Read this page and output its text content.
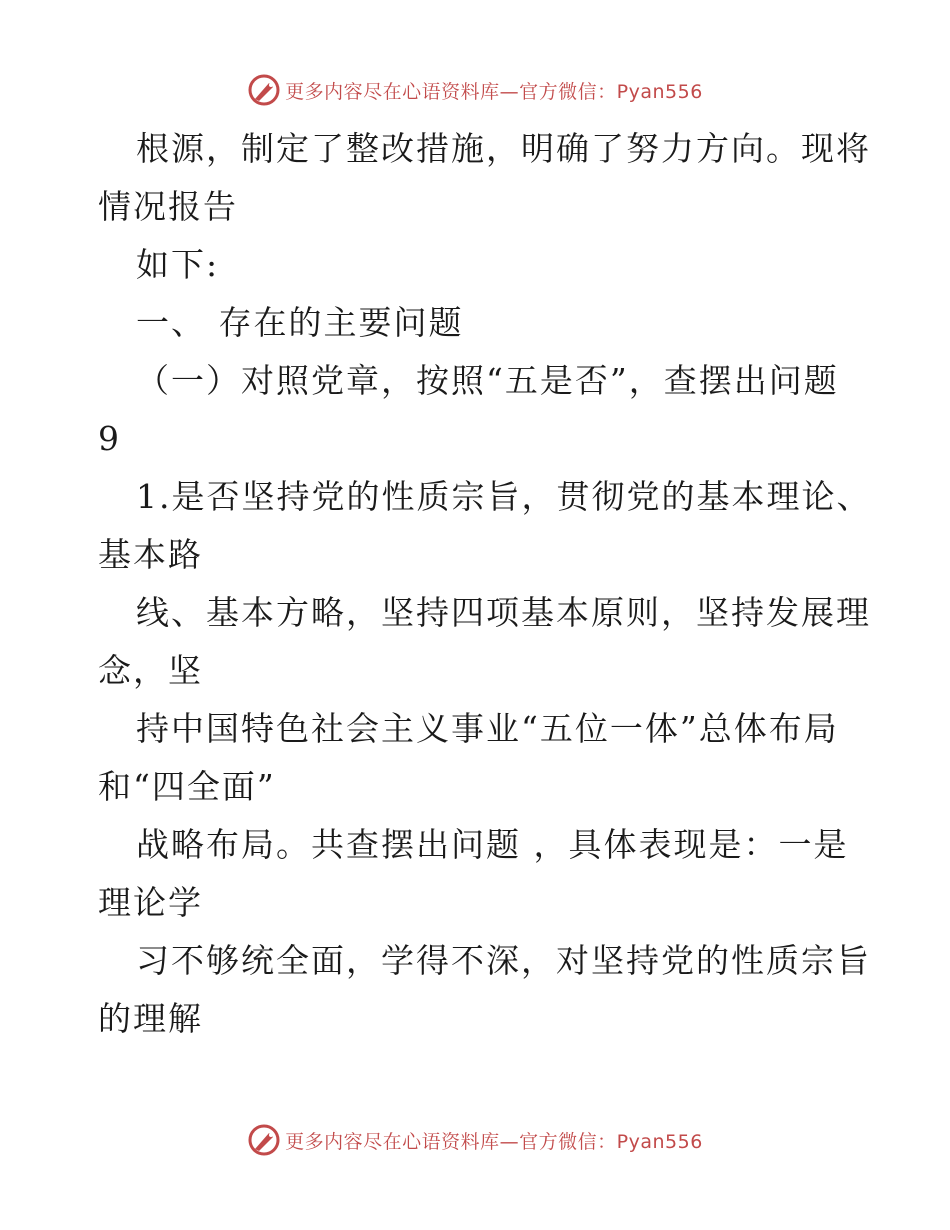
更多内容尽在心语资料库—官方微信：Pyan556
根源，制定了整改措施，明确了努力方向。现将
情况报告
如下:
一、 存在的主要问题
（一）对照党章，按照“五是否”，查摆出问题
9
1.是否坚持党的性质宗旨，贯彻党的基本理论、
基本路
线、基本方略，坚持四项基本原则，坚持发展理
念，坚
持中国特色社会主义事业“五位一体”总体布局
和“四全面”
战略布局。共查摆出问题 ，具体表现是：一是
理论学
习不够统全面，学得不深，对坚持党的性质宗旨
的理解
更多内容尽在心语资料库—官方微信：Pyan556
